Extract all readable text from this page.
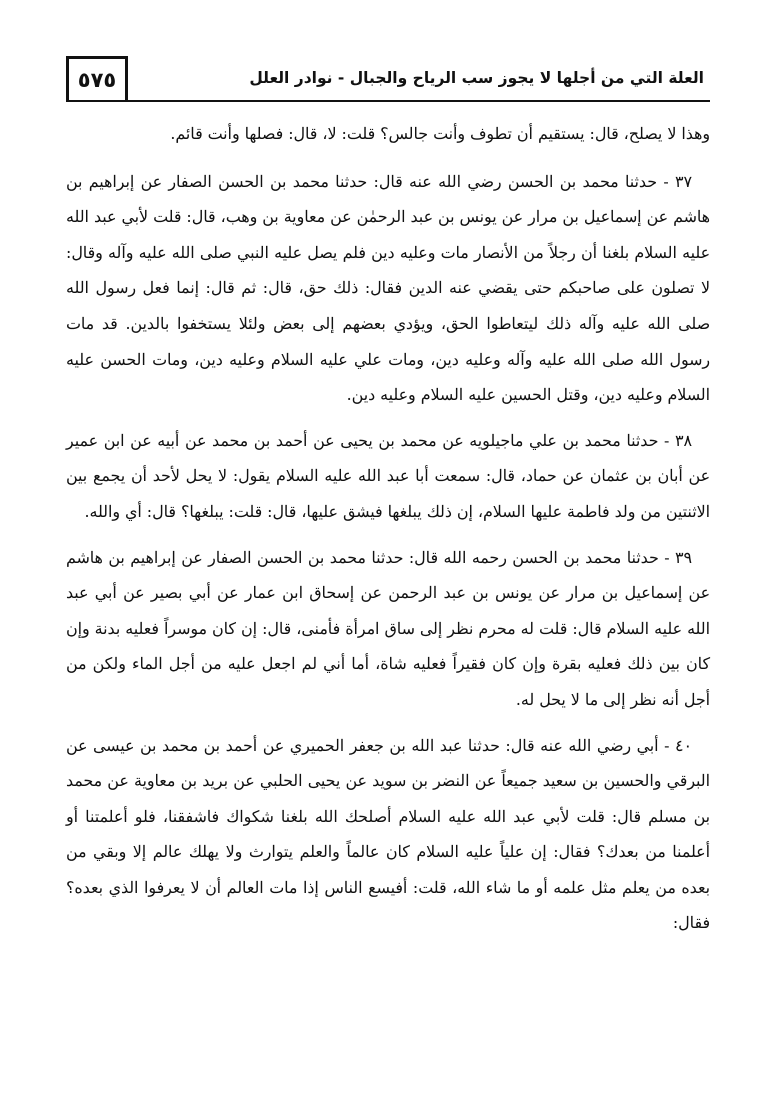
٥٧٥	العلة التي من أجلها لا يجوز سب الرياح والجبال - نوادر العلل

وهذا لا يصلح، قال: يستقيم أن تطوف وأنت جالس؟ قلت: لا، قال: فصلها وأنت قائم.

٣٧ - حدثنا محمد بن الحسن رضي الله عنه قال: حدثنا محمد بن الحسن الصفار عن إبراهيم بن هاشم عن إسماعيل بن مرار عن يونس بن عبد الرحمٰن عن معاوية بن وهب، قال: قلت لأبي عبد الله عليه السلام بلغنا أن رجلاً من الأنصار مات وعليه دين فلم يصل عليه النبي صلى الله عليه وآله وقال: لا تصلون على صاحبكم حتى يقضي عنه الدين فقال: ذلك حق، قال: ثم قال: إنما فعل رسول الله صلى الله عليه وآله ذلك ليتعاطوا الحق، ويؤدي بعضهم إلى بعض ولئلا يستخفوا بالدين. قد مات رسول الله صلى الله عليه وآله وعليه دين، ومات علي عليه السلام وعليه دين، ومات الحسن عليه السلام وعليه دين، وقتل الحسين عليه السلام وعليه دين.

٣٨ - حدثنا محمد بن علي ماجيلويه عن محمد بن يحيى عن أحمد بن محمد عن أبيه عن ابن عمير عن أبان بن عثمان عن حماد، قال: سمعت أبا عبد الله عليه السلام يقول: لا يحل لأحد أن يجمع بين الاثنتين من ولد فاطمة عليها السلام، إن ذلك يبلغها فيشق عليها، قال: قلت: يبلغها؟ قال: أي والله.

٣٩ - حدثنا محمد بن الحسن رحمه الله قال: حدثنا محمد بن الحسن الصفار عن إبراهيم بن هاشم عن إسماعيل بن مرار عن يونس بن عبد الرحمن عن إسحاق ابن عمار عن أبي بصير عن أبي عبد الله عليه السلام قال: قلت له محرم نظر إلى ساق امرأة فأمنى، قال: إن كان موسراً فعليه بدنة وإن كان بين ذلك فعليه بقرة وإن كان فقيراً فعليه شاة، أما أني لم اجعل عليه من أجل الماء ولكن من أجل أنه نظر إلى ما لا يحل له.

٤٠ - أبي رضي الله عنه قال: حدثنا عبد الله بن جعفر الحميري عن أحمد بن محمد بن عيسى عن البرقي والحسين بن سعيد جميعاً عن النضر بن سويد عن يحيى الحلبي عن بريد بن معاوية عن محمد بن مسلم قال: قلت لأبي عبد الله عليه السلام أصلحك الله بلغنا شكواك فاشفقنا، فلو أعلمتنا أو أعلمنا من بعدك؟ فقال: إن علياً عليه السلام كان عالماً والعلم يتوارث ولا يهلك عالم إلا وبقي من بعده من يعلم مثل علمه أو ما شاء الله، قلت: أفيسع الناس إذا مات العالم أن لا يعرفوا الذي بعده؟ فقال:
